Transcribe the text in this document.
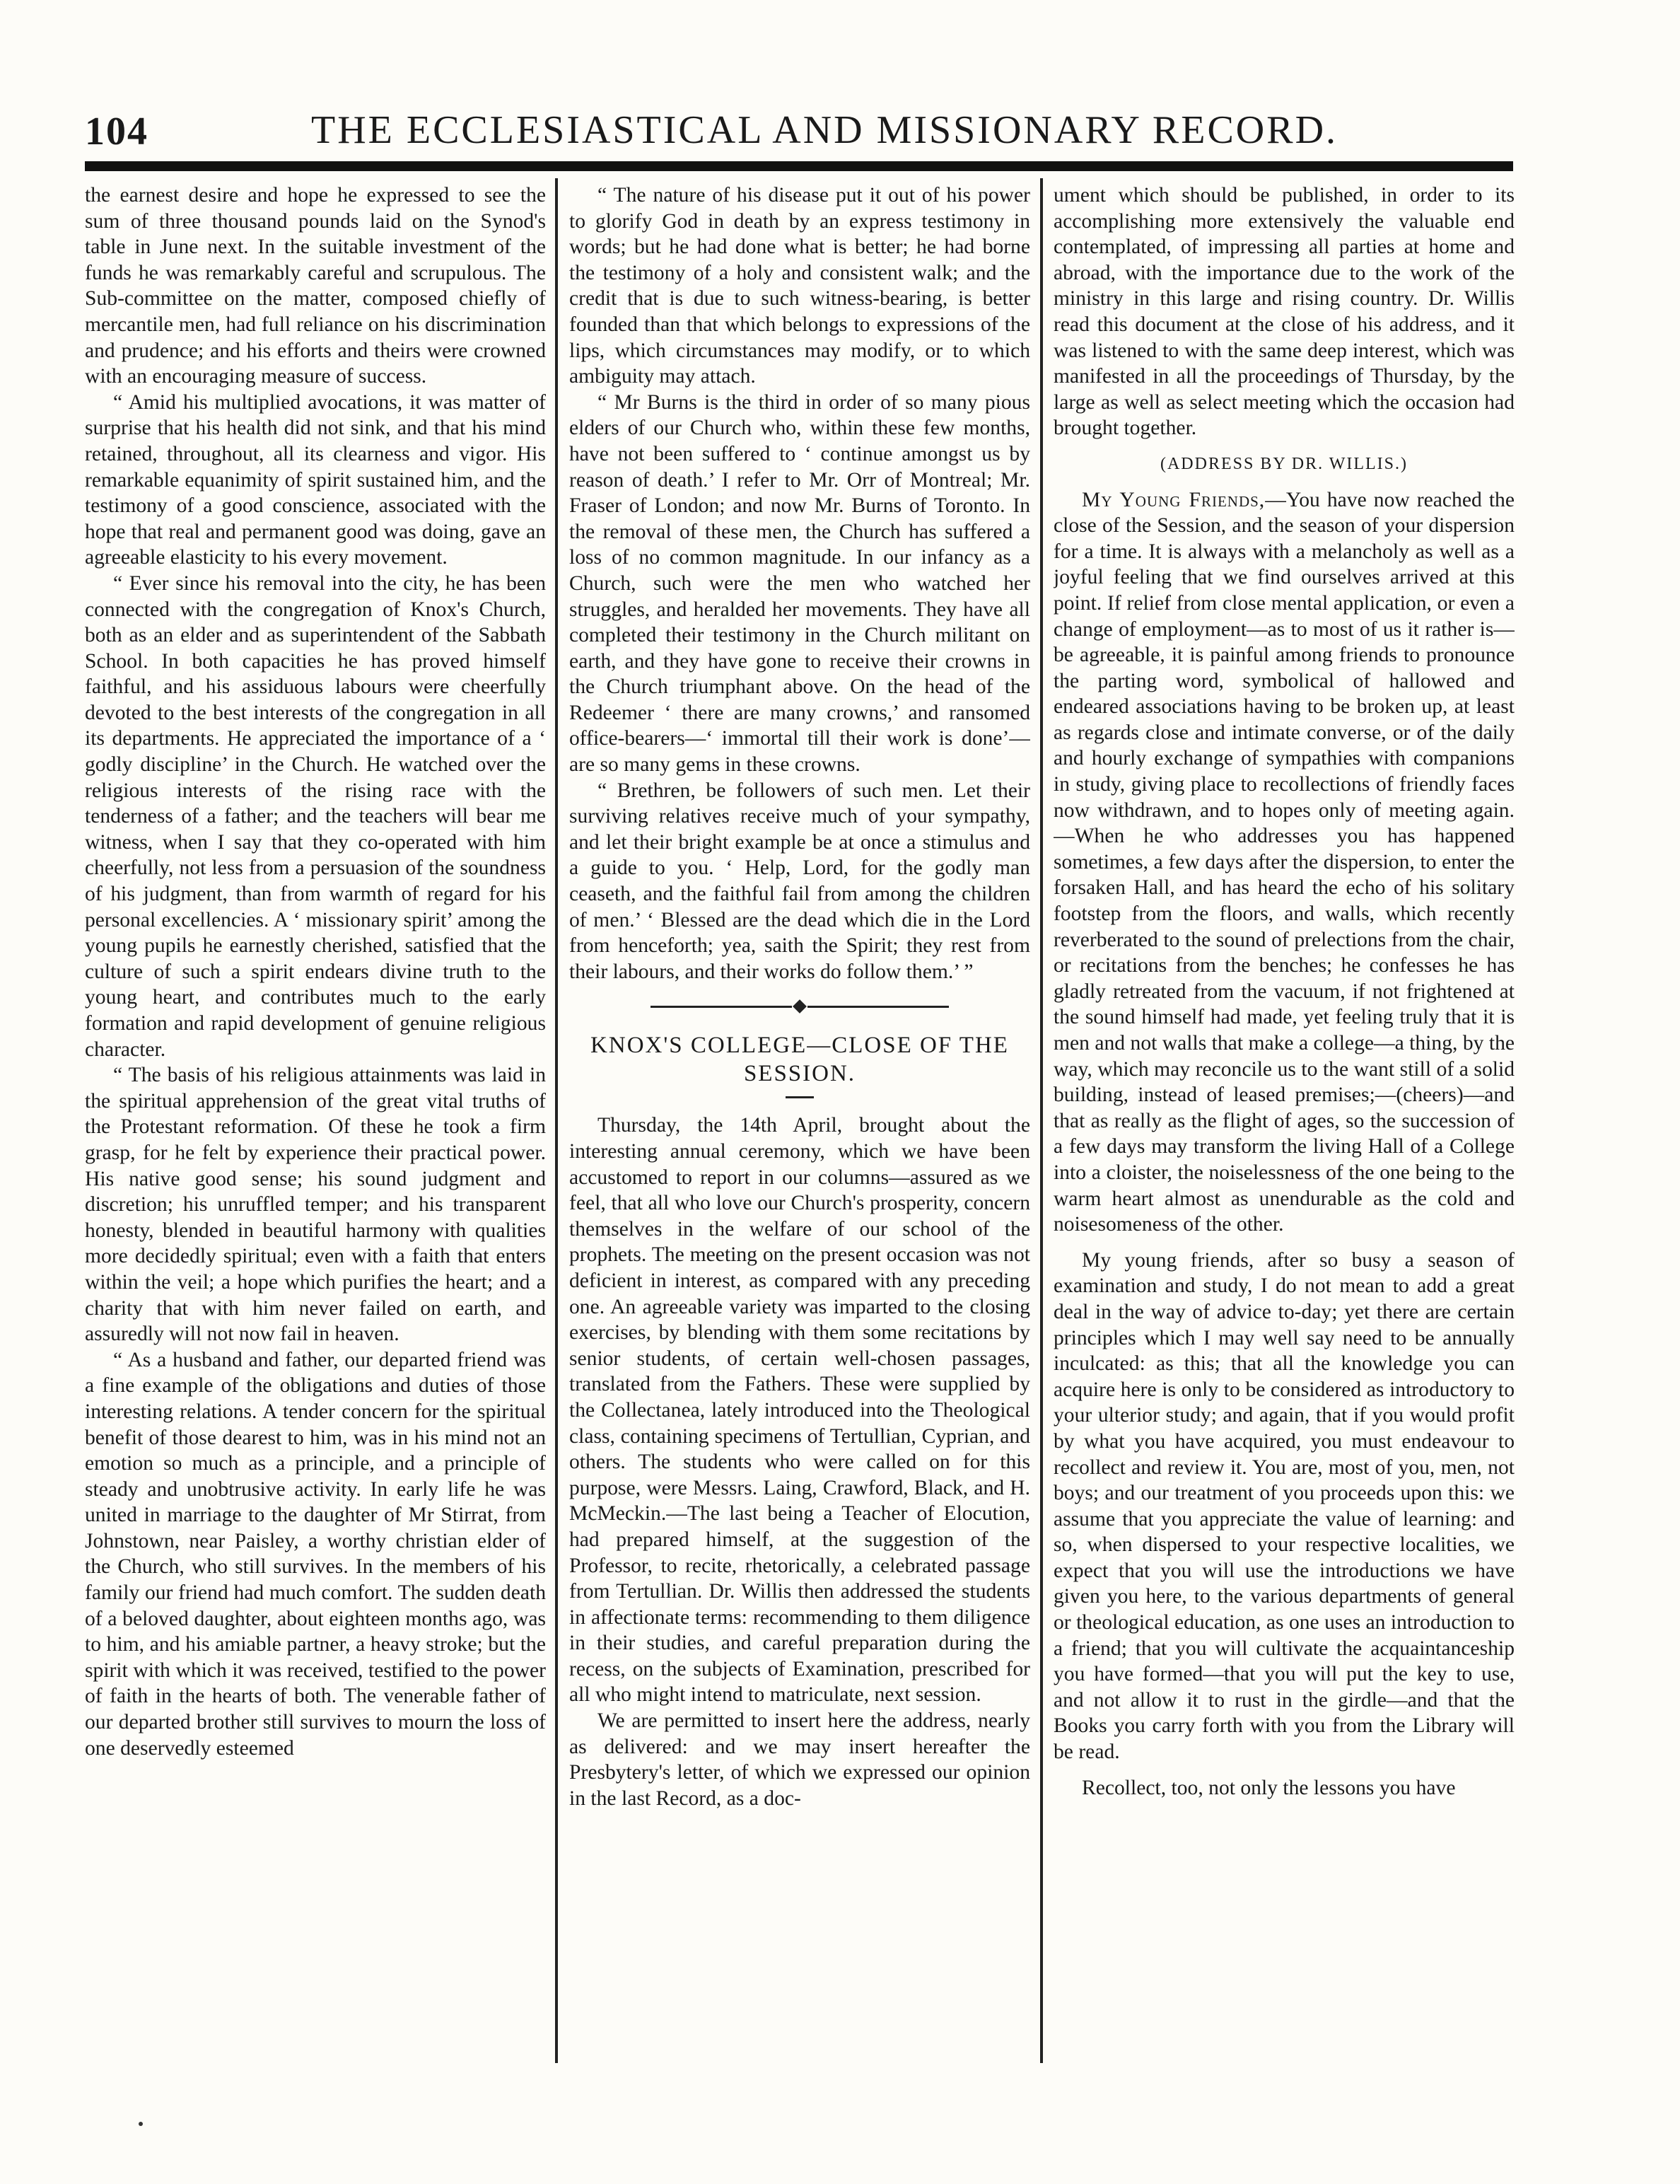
104	THE ECCLESIASTICAL AND MISSIONARY RECORD.

the earnest desire and hope he expressed to see the sum of three thousand pounds laid on the Synod's table in June next. In the suitable investment of the funds he was remarkably careful and scrupulous. The Sub-committee on the matter, composed chiefly of mercantile men, had full reliance on his discrimination and prudence; and his efforts and theirs were crowned with an encouraging measure of success.

“ Amid his multiplied avocations, it was matter of surprise that his health did not sink, and that his mind retained, throughout, all its clearness and vigor. His remarkable equanimity of spirit sustained him, and the testimony of a good conscience, associated with the hope that real and permanent good was doing, gave an agreeable elasticity to his every movement.

“ Ever since his removal into the city, he has been connected with the congregation of Knox's Church, both as an elder and as superintendent of the Sabbath School. In both capacities he has proved himself faithful, and his assiduous labours were cheerfully devoted to the best interests of the congregation in all its departments. He appreciated the importance of a ‘ godly discipline’ in the Church. He watched over the religious interests of the rising race with the tenderness of a father; and the teachers will bear me witness, when I say that they co-operated with him cheerfully, not less from a persuasion of the soundness of his judgment, than from warmth of regard for his personal excellencies. A ‘ missionary spirit’ among the young pupils he earnestly cherished, satisfied that the culture of such a spirit endears divine truth to the young heart, and contributes much to the early formation and rapid development of genuine religious character.

“ The basis of his religious attainments was laid in the spiritual apprehension of the great vital truths of the Protestant reformation. Of these he took a firm grasp, for he felt by experience their practical power. His native good sense; his sound judgment and discretion; his unruffled temper; and his transparent honesty, blended in beautiful harmony with qualities more decidedly spiritual; even with a faith that enters within the veil; a hope which purifies the heart; and a charity that with him never failed on earth, and assuredly will not now fail in heaven.

“ As a husband and father, our departed friend was a fine example of the obligations and duties of those interesting relations. A tender concern for the spiritual benefit of those dearest to him, was in his mind not an emotion so much as a principle, and a principle of steady and unobtrusive activity. In early life he was united in marriage to the daughter of Mr Stirrat, from Johnstown, near Paisley, a worthy christian elder of the Church, who still survives. In the members of his family our friend had much comfort. The sudden death of a beloved daughter, about eighteen months ago, was to him, and his amiable partner, a heavy stroke; but the spirit with which it was received, testified to the power of faith in the hearts of both. The venerable father of our departed brother still survives to mourn the loss of one deservedly esteemed

“ The nature of his disease put it out of his power to glorify God in death by an express testimony in words; but he had done what is better; he had borne the testimony of a holy and consistent walk; and the credit that is due to such witness-bearing, is better founded than that which belongs to expressions of the lips, which circumstances may modify, or to which ambiguity may attach.

“ Mr Burns is the third in order of so many pious elders of our Church who, within these few months, have not been suffered to ‘ continue amongst us by reason of death.’ I refer to Mr. Orr of Montreal; Mr. Fraser of London; and now Mr. Burns of Toronto. In the removal of these men, the Church has suffered a loss of no common magnitude. In our infancy as a Church, such were the men who watched her struggles, and heralded her movements. They have all completed their testimony in the Church militant on earth, and they have gone to receive their crowns in the Church triumphant above. On the head of the Redeemer ‘ there are many crowns,’ and ransomed office-bearers—‘ immortal till their work is done’—are so many gems in these crowns.

“ Brethren, be followers of such men. Let their surviving relatives receive much of your sympathy, and let their bright example be at once a stimulus and a guide to you. ‘ Help, Lord, for the godly man ceaseth, and the faithful fail from among the children of men.’ ‘ Blessed are the dead which die in the Lord from henceforth; yea, saith the Spirit; they rest from their labours, and their works do follow them.’ ”

KNOX'S COLLEGE—CLOSE OF THE SESSION.

Thursday, the 14th April, brought about the interesting annual ceremony, which we have been accustomed to report in our columns—assured as we feel, that all who love our Church's prosperity, concern themselves in the welfare of our school of the prophets. The meeting on the present occasion was not deficient in interest, as compared with any preceding one. An agreeable variety was imparted to the closing exercises, by blending with them some recitations by senior students, of certain well-chosen passages, translated from the Fathers. These were supplied by the Collectanea, lately introduced into the Theological class, containing specimens of Tertullian, Cyprian, and others. The students who were called on for this purpose, were Messrs. Laing, Crawford, Black, and H. McMeckin.—The last being a Teacher of Elocution, had prepared himself, at the suggestion of the Professor, to recite, rhetorically, a celebrated passage from Tertullian. Dr. Willis then addressed the students in affectionate terms: recommending to them diligence in their studies, and careful preparation during the recess, on the subjects of Examination, prescribed for all who might intend to matriculate, next session.

We are permitted to insert here the address, nearly as delivered: and we may insert hereafter the Presbytery's letter, of which we expressed our opinion in the last Record, as a doc-

ument which should be published, in order to its accomplishing more extensively the valuable end contemplated, of impressing all parties at home and abroad, with the importance due to the work of the ministry in this large and rising country. Dr. Willis read this document at the close of his address, and it was listened to with the same deep interest, which was manifested in all the proceedings of Thursday, by the large as well as select meeting which the occasion had brought together.

(ADDRESS BY DR. WILLIS.)

My Young Friends,—You have now reached the close of the Session, and the season of your dispersion for a time. It is always with a melancholy as well as a joyful feeling that we find ourselves arrived at this point. If relief from close mental application, or even a change of employment—as to most of us it rather is—be agreeable, it is painful among friends to pronounce the parting word, symbolical of hallowed and endeared associations having to be broken up, at least as regards close and intimate converse, or of the daily and hourly exchange of sympathies with companions in study, giving place to recollections of friendly faces now withdrawn, and to hopes only of meeting again.—When he who addresses you has happened sometimes, a few days after the dispersion, to enter the forsaken Hall, and has heard the echo of his solitary footstep from the floors, and walls, which recently reverberated to the sound of prelections from the chair, or recitations from the benches; he confesses he has gladly retreated from the vacuum, if not frightened at the sound himself had made, yet feeling truly that it is men and not walls that make a college—a thing, by the way, which may reconcile us to the want still of a solid building, instead of leased premises;—(cheers)—and that as really as the flight of ages, so the succession of a few days may transform the living Hall of a College into a cloister, the noiselessness of the one being to the warm heart almost as unendurable as the cold and noisesomeness of the other.

My young friends, after so busy a season of examination and study, I do not mean to add a great deal in the way of advice to-day; yet there are certain principles which I may well say need to be annually inculcated: as this; that all the knowledge you can acquire here is only to be considered as introductory to your ulterior study; and again, that if you would profit by what you have acquired, you must endeavour to recollect and review it. You are, most of you, men, not boys; and our treatment of you proceeds upon this: we assume that you appreciate the value of learning: and so, when dispersed to your respective localities, we expect that you will use the introductions we have given you here, to the various departments of general or theological education, as one uses an introduction to a friend; that you will cultivate the acquaintanceship you have formed—that you will put the key to use, and not allow it to rust in the girdle—and that the Books you carry forth with you from the Library will be read.

Recollect, too, not only the lessons you have
